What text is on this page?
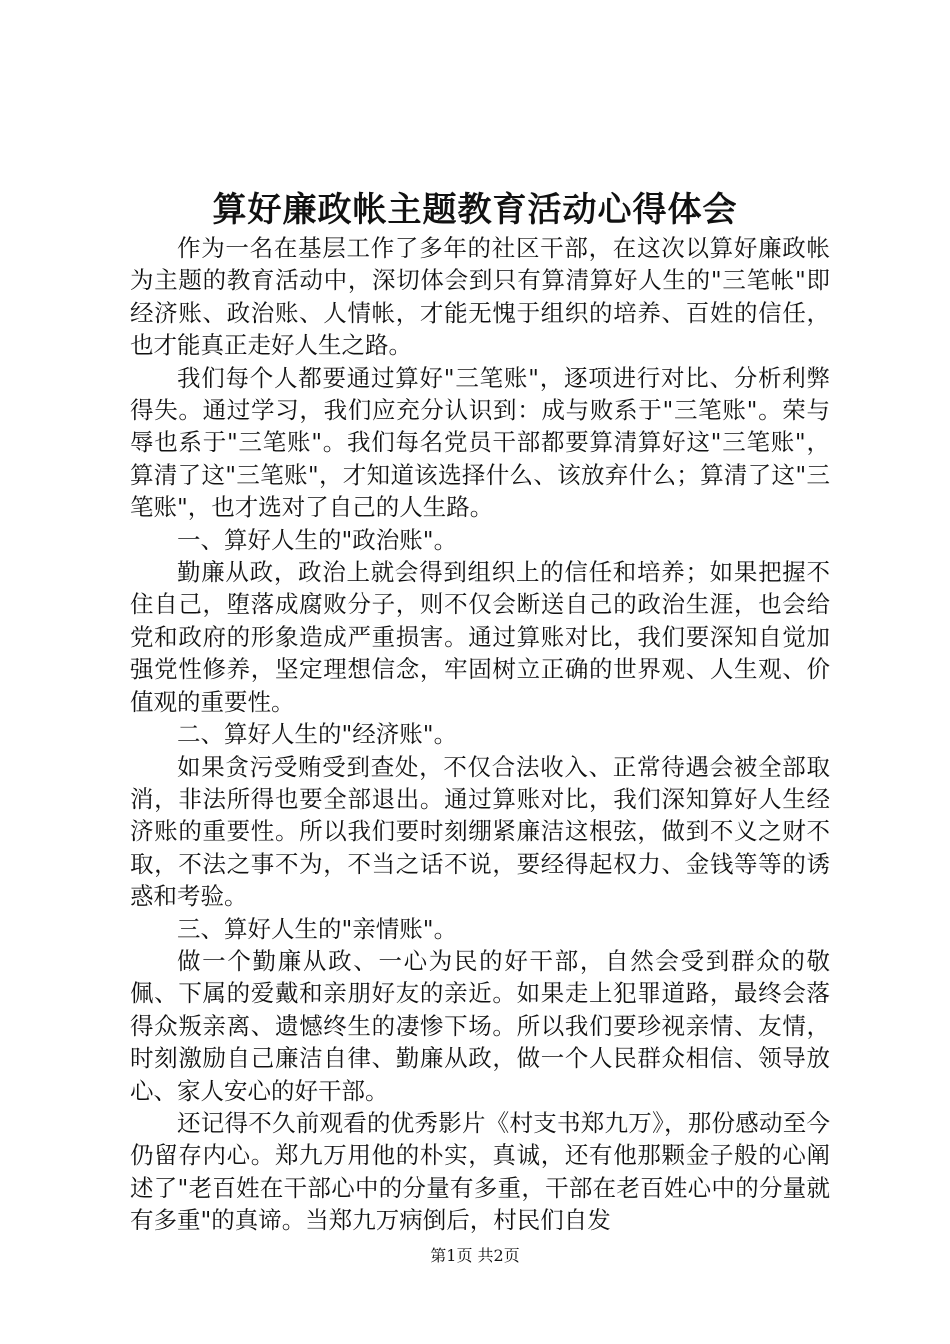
算好廉政帐主题教育活动心得体会

作为一名在基层工作了多年的社区干部，在这次以算好廉政帐为主题的教育活动中，深切体会到只有算清算好人生的"三笔帐"即经济账、政治账、人情帐，才能无愧于组织的培养、百姓的信任，也才能真正走好人生之路。

我们每个人都要通过算好"三笔账"，逐项进行对比、分析利弊得失。通过学习，我们应充分认识到：成与败系于"三笔账"。荣与辱也系于"三笔账"。我们每名党员干部都要算清算好这"三笔账"，算清了这"三笔账"，才知道该选择什么、该放弃什么；算清了这"三笔账"，也才选对了自己的人生路。

一、算好人生的"政治账"。

勤廉从政，政治上就会得到组织上的信任和培养；如果把握不住自己，堕落成腐败分子，则不仅会断送自己的政治生涯，也会给党和政府的形象造成严重损害。通过算账对比，我们要深知自觉加强党性修养，坚定理想信念，牢固树立正确的世界观、人生观、价值观的重要性。

二、算好人生的"经济账"。

如果贪污受贿受到查处，不仅合法收入、正常待遇会被全部取消，非法所得也要全部退出。通过算账对比，我们深知算好人生经济账的重要性。所以我们要时刻绷紧廉洁这根弦，做到不义之财不取，不法之事不为，不当之话不说，要经得起权力、金钱等等的诱惑和考验。

三、算好人生的"亲情账"。

做一个勤廉从政、一心为民的好干部，自然会受到群众的敬佩、下属的爱戴和亲朋好友的亲近。如果走上犯罪道路，最终会落得众叛亲离、遗憾终生的凄惨下场。所以我们要珍视亲情、友情，时刻激励自己廉洁自律、勤廉从政，做一个人民群众相信、领导放心、家人安心的好干部。

还记得不久前观看的优秀影片《村支书郑九万》，那份感动至今仍留存内心。郑九万用他的朴实，真诚，还有他那颗金子般的心阐述了"老百姓在干部心中的分量有多重，干部在老百姓心中的分量就有多重"的真谛。当郑九万病倒后，村民们自发

第1页 共2页
